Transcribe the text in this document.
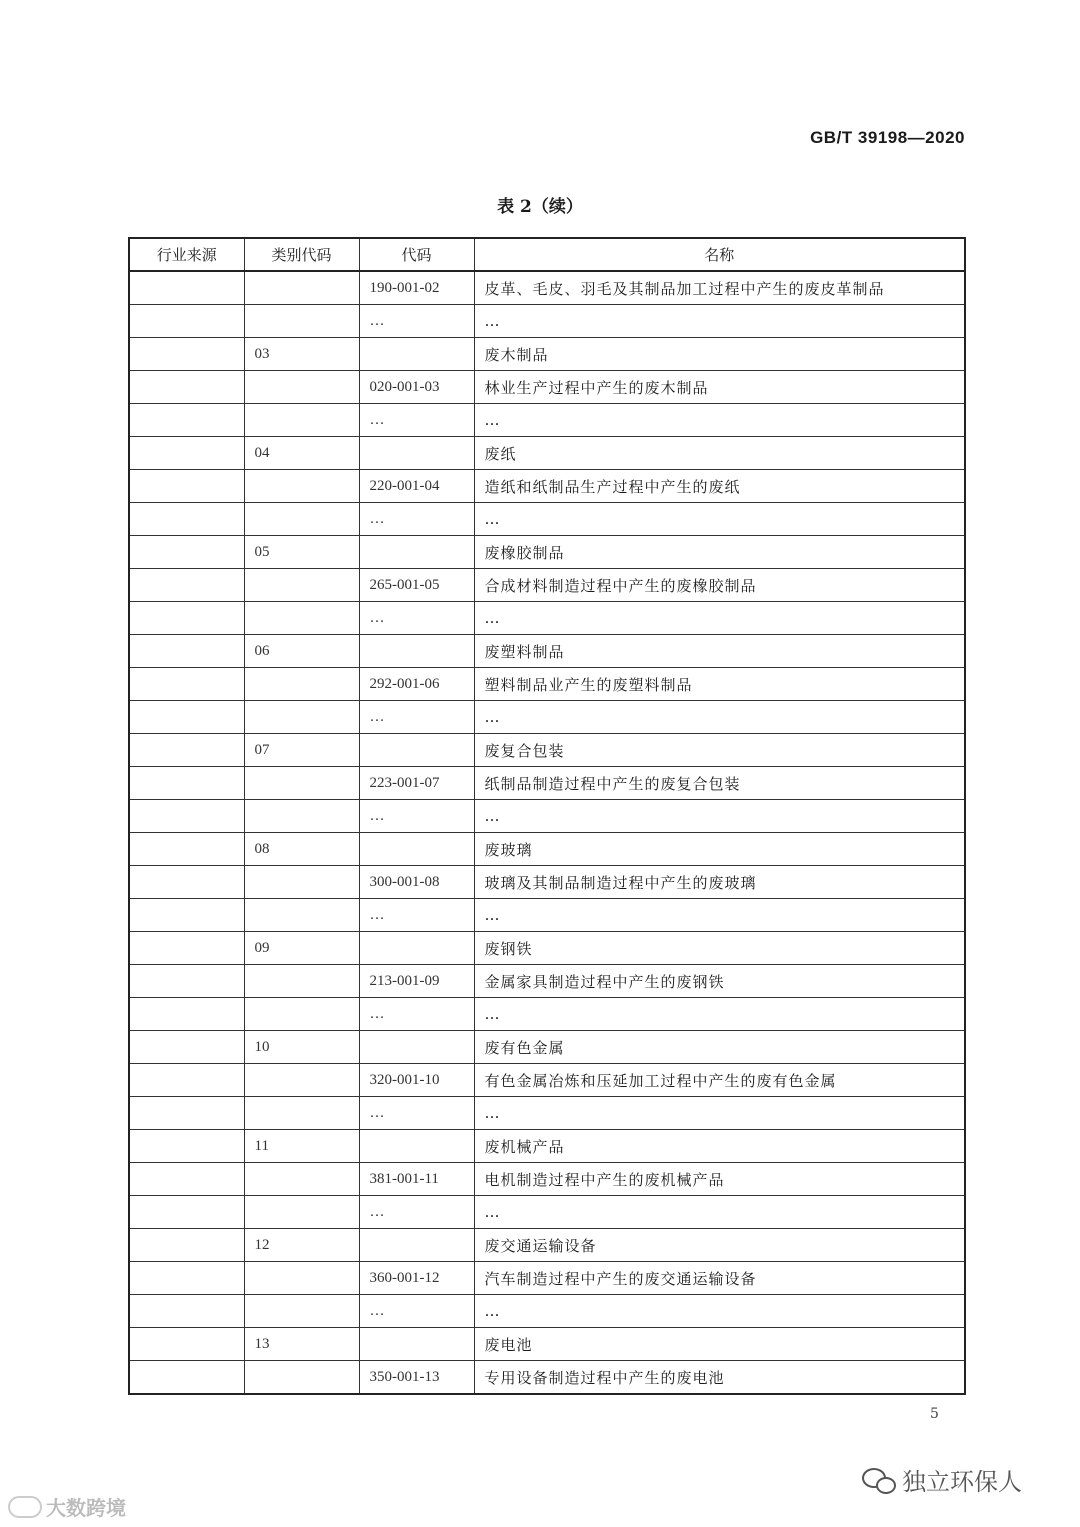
GB/T 39198—2020
表 2（续）
行业来源	类别代码	代码	名称
		190-001-02	皮革、毛皮、羽毛及其制品加工过程中产生的废皮革制品
		…	…
	03		废木制品
		020-001-03	林业生产过程中产生的废木制品
		…	…
	04		废纸
		220-001-04	造纸和纸制品生产过程中产生的废纸
		…	…
	05		废橡胶制品
		265-001-05	合成材料制造过程中产生的废橡胶制品
		…	…
	06		废塑料制品
		292-001-06	塑料制品业产生的废塑料制品
		…	…
	07		废复合包装
		223-001-07	纸制品制造过程中产生的废复合包装
		…	…
	08		废玻璃
		300-001-08	玻璃及其制品制造过程中产生的废玻璃
		…	…
	09		废钢铁
		213-001-09	金属家具制造过程中产生的废钢铁
		…	…
	10		废有色金属
		320-001-10	有色金属冶炼和压延加工过程中产生的废有色金属
		…	…
	11		废机械产品
		381-001-11	电机制造过程中产生的废机械产品
		…	…
	12		废交通运输设备
		360-001-12	汽车制造过程中产生的废交通运输设备
		…	…
	13		废电池
		350-001-13	专用设备制造过程中产生的废电池
5
独立环保人
大数跨境
